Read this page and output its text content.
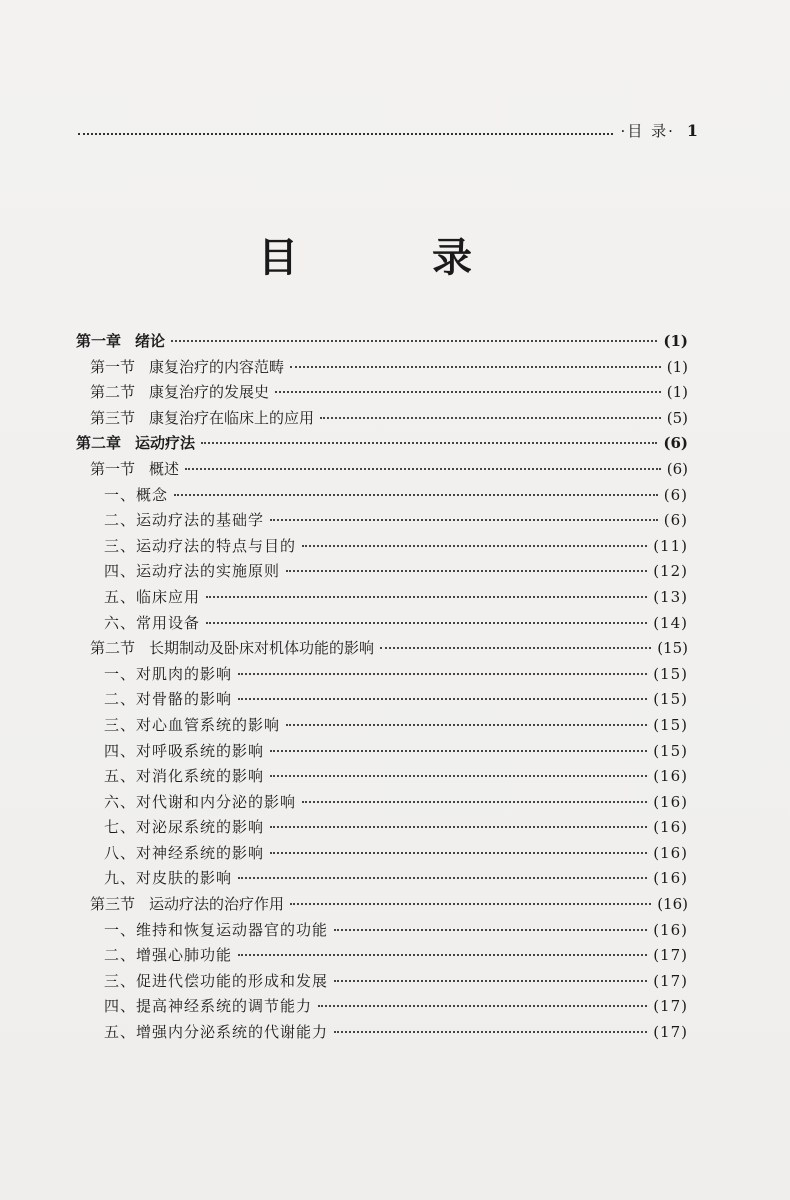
·目 录· 1
目 录
第一章 绪论	(1)
第一节 康复治疗的内容范畴	(1)
第二节 康复治疗的发展史	(1)
第三节 康复治疗在临床上的应用	(5)
第二章 运动疗法	(6)
第一节 概述	(6)
一、概念	(6)
二、运动疗法的基础学	(6)
三、运动疗法的特点与目的	(11)
四、运动疗法的实施原则	(12)
五、临床应用	(13)
六、常用设备	(14)
第二节 长期制动及卧床对机体功能的影响	(15)
一、对肌肉的影响	(15)
二、对骨骼的影响	(15)
三、对心血管系统的影响	(15)
四、对呼吸系统的影响	(15)
五、对消化系统的影响	(16)
六、对代谢和内分泌的影响	(16)
七、对泌尿系统的影响	(16)
八、对神经系统的影响	(16)
九、对皮肤的影响	(16)
第三节 运动疗法的治疗作用	(16)
一、维持和恢复运动器官的功能	(16)
二、增强心肺功能	(17)
三、促进代偿功能的形成和发展	(17)
四、提高神经系统的调节能力	(17)
五、增强内分泌系统的代谢能力	(17)
